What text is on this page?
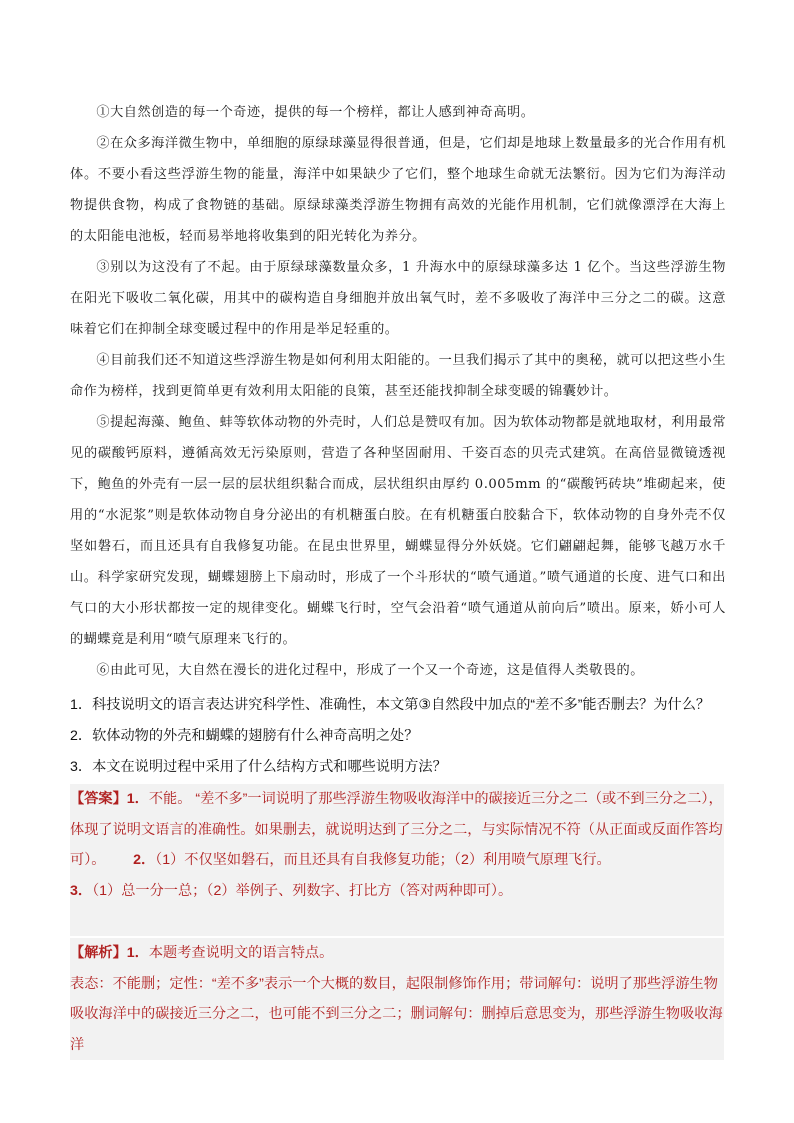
①大自然创造的每一个奇迹，提供的每一个榜样，都让人感到神奇高明。

②在众多海洋微生物中，单细胞的原绿球藻显得很普通，但是，它们却是地球上数量最多的光合作用有机体。不要小看这些浮游生物的能量，海洋中如果缺少了它们，整个地球生命就无法繁衍。因为它们为海洋动物提供食物，构成了食物链的基础。原绿球藻类浮游生物拥有高效的光能作用机制，它们就像漂浮在大海上的太阳能电池板，轻而易举地将收集到的阳光转化为养分。

③别以为这没有了不起。由于原绿球藻数量众多，1 升海水中的原绿球藻多达 1 亿个。当这些浮游生物在阳光下吸收二氧化碳，用其中的碳构造自身细胞并放出氧气时，差不多吸收了海洋中三分之二的碳。这意味着它们在抑制全球变暖过程中的作用是举足轻重的。

④目前我们还不知道这些浮游生物是如何利用太阳能的。一旦我们揭示了其中的奥秘，就可以把这些小生命作为榜样，找到更简单更有效利用太阳能的良策，甚至还能找抑制全球变暖的锦囊妙计。

⑤提起海藻、鲍鱼、蚌等软体动物的外壳时，人们总是赞叹有加。因为软体动物都是就地取材，利用最常见的碳酸钙原料，遵循高效无污染原则，营造了各种坚固耐用、千姿百态的贝壳式建筑。在高倍显微镜透视下，鲍鱼的外壳有一层一层的层状组织黏合而成，层状组织由厚约 0.005mm 的“碳酸钙砖块”堆砌起来，使用的“水泥浆”则是软体动物自身分泌出的有机糖蛋白胶。在有机糖蛋白胶黏合下，软体动物的自身外壳不仅坚如磐石，而且还具有自我修复功能。在昆虫世界里，蝴蝶显得分外妖娆。它们翩翩起舞，能够飞越万水千山。科学家研究发现，蝴蝶翅膀上下扇动时，形成了一个斗形状的“喷气通道。”喷气通道的长度、进气口和出气口的大小形状都按一定的规律变化。蝴蝶飞行时，空气会沿着“喷气通道从前向后”喷出。原来，娇小可人的蝴蝶竟是利用“喷气原理来飞行的。

⑥由此可见，大自然在漫长的进化过程中，形成了一个又一个奇迹，这是值得人类敬畏的。

1．科技说明文的语言表达讲究科学性、准确性，本文第③自然段中加点的“差不多”能否删去？为什么？

2．软体动物的外壳和蝴蝶的翅膀有什么神奇高明之处？

3．本文在说明过程中采用了什么结构方式和哪些说明方法？

【答案】1．不能。 “差不多”一词说明了那些浮游生物吸收海洋中的碳接近三分之二（或不到三分之二），体现了说明文语言的准确性。如果删去，就说明达到了三分之二，与实际情况不符（从正面或反面作答均可）。 2．（1）不仅坚如磐石，而且还具有自我修复功能；（2）利用喷气原理飞行。

3．（1）总一分一总；（2）举例子、列数字、打比方（答对两种即可）。

【解析】1．本题考查说明文的语言特点。

表态：不能删；定性：“差不多”表示一个大概的数目，起限制修饰作用；带词解句：说明了那些浮游生物吸收海洋中的碳接近三分之二，也可能不到三分之二；删词解句：删掉后意思变为，那些浮游生物吸收海洋
